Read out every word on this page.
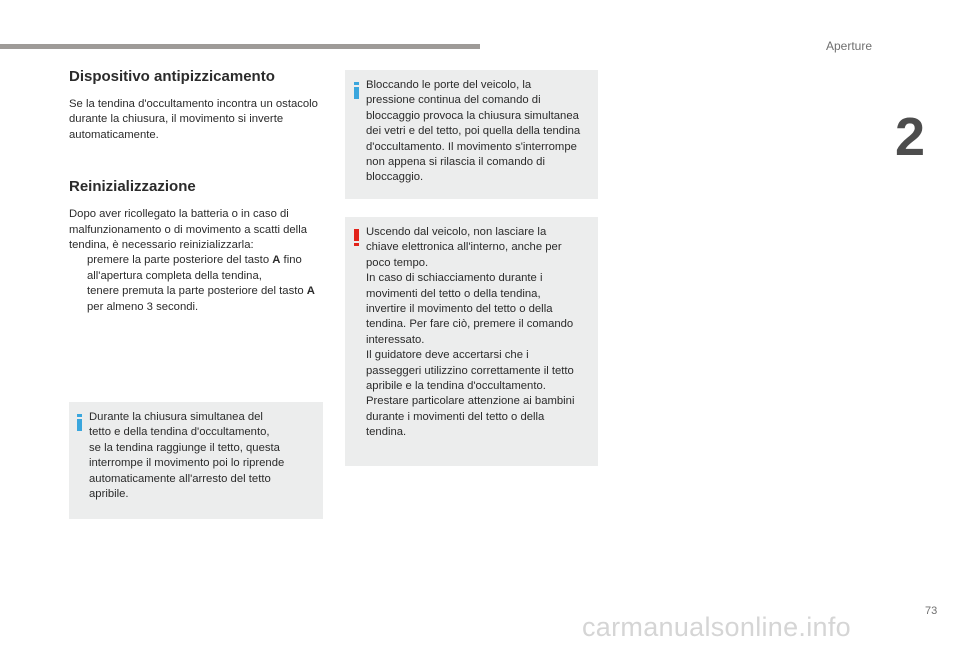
Aperture
2
Dispositivo antipizzicamento

Se la tendina d'occultamento incontra un ostacolo durante la chiusura, il movimento si inverte automaticamente.

Reinizializzazione

Dopo aver ricollegato la batteria o in caso di malfunzionamento o di movimento a scatti della tendina, è necessario reinizializzarla:

premere la parte posteriore del tasto A fino all'apertura completa della tendina,
tenere premuta la parte posteriore del tasto A per almeno 3 secondi.

Durante la chiusura simultanea del

tetto e della tendina d'occultamento,

se la tendina raggiunge il tetto, questa

interrompe il movimento poi lo riprende

automaticamente all'arresto del tetto

apribile.

Bloccando le porte del veicolo, la

pressione continua del comando di

bloccaggio provoca la chiusura simultanea

dei vetri e del tetto, poi quella della tendina

d'occultamento. Il movimento s'interrompe

non appena si rilascia il comando di

bloccaggio.

Uscendo dal veicolo, non lasciare la

chiave elettronica all'interno, anche per

poco tempo.

In caso di schiacciamento durante i

movimenti del tetto o della tendina,

invertire il movimento del tetto o della

tendina. Per fare ciò, premere il comando

interessato.

Il guidatore deve accertarsi che i

passeggeri utilizzino correttamente il tetto

apribile e la tendina d'occultamento.

Prestare particolare attenzione ai bambini

durante i movimenti del tetto o della

tendina.

73
carmanualsonline.info
